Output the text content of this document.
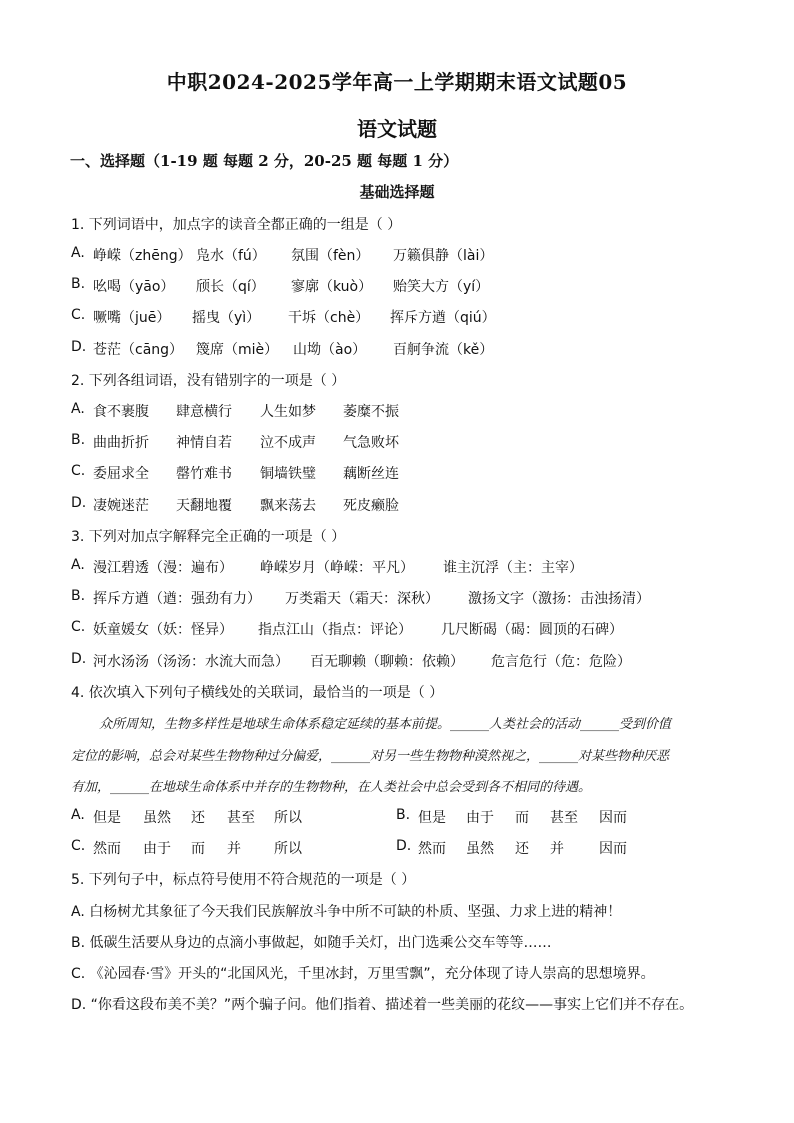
中职2024-2025学年高一上学期期末语文试题05
语文试题
一、选择题（1-19 题 每题 2 分，20-25 题 每题 1 分）
基础选择题
1. 下列词语中，加点字的读音全都正确的一组是（ ）
A. 峥嵘（zhēng） 凫水（fú） 氛围（fèn） 万籁俱静（lài）
B. 吆喝（yāo） 颀长（qí） 寥廓（kuò） 贻笑大方（yí）
C. 噘嘴（juē） 摇曳（yì） 干坼（chè） 挥斥方遒（qiú）
D. 苍茫（cāng） 篾席（miè） 山坳（ào） 百舸争流（kě）
2. 下列各组词语，没有错别字的一项是（ ）
A. 食不裹腹 肆意横行 人生如梦 萎糜不振
B. 曲曲折折 神情自若 泣不成声 气急败坏
C. 委屈求全 罄竹难书 铜墙铁璧 藕断丝连
D. 凄婉迷茫 天翻地覆 飘来荡去 死皮癞脸
3. 下列对加点字解释完全正确的一项是（ ）
A. 漫江碧透（漫：遍布） 峥嵘岁月（峥嵘：平凡） 谁主沉浮（主：主宰）
B. 挥斥方遒（遒：强劲有力） 万类霜天（霜天：深秋） 激扬文字（激扬：击浊扬清）
C. 妖童媛女（妖：怪异） 指点江山（指点：评论） 几尺断碣（碣：圆顶的石碑）
D. 河水汤汤（汤汤：水流大而急） 百无聊赖（聊赖：依赖） 危言危行（危：危险）
4. 依次填入下列句子横线处的关联词，最恰当的一项是（ ）
众所周知，生物多样性是地球生命体系稳定延续的基本前提。______人类社会的活动______受到价值
定位的影响，总会对某些生物物种过分偏爱，______对另一些生物物种漠然视之，______对某些物种厌恶
有加，______在地球生命体系中并存的生物物种，在人类社会中总会受到各不相同的待遇。
A. 但是 虽然 还 甚至 所以	B. 但是 由于 而 甚至 因而
C. 然而 由于 而 并 所以	D. 然而 虽然 还 并	因而
5. 下列句子中，标点符号使用不符合规范的一项是（ ）
A. 白杨树尤其象征了今天我们民族解放斗争中所不可缺的朴质、坚强、力求上进的精神！
B. 低碳生活要从身边的点滴小事做起，如随手关灯，出门选乘公交车等等……
C. 《沁园春·雪》开头的“北国风光，千里冰封，万里雪飘”，充分体现了诗人崇高的思想境界。
D. “你看这段布美不美？”两个骗子问。他们指着、描述着一些美丽的花纹——事实上它们并不存在。
